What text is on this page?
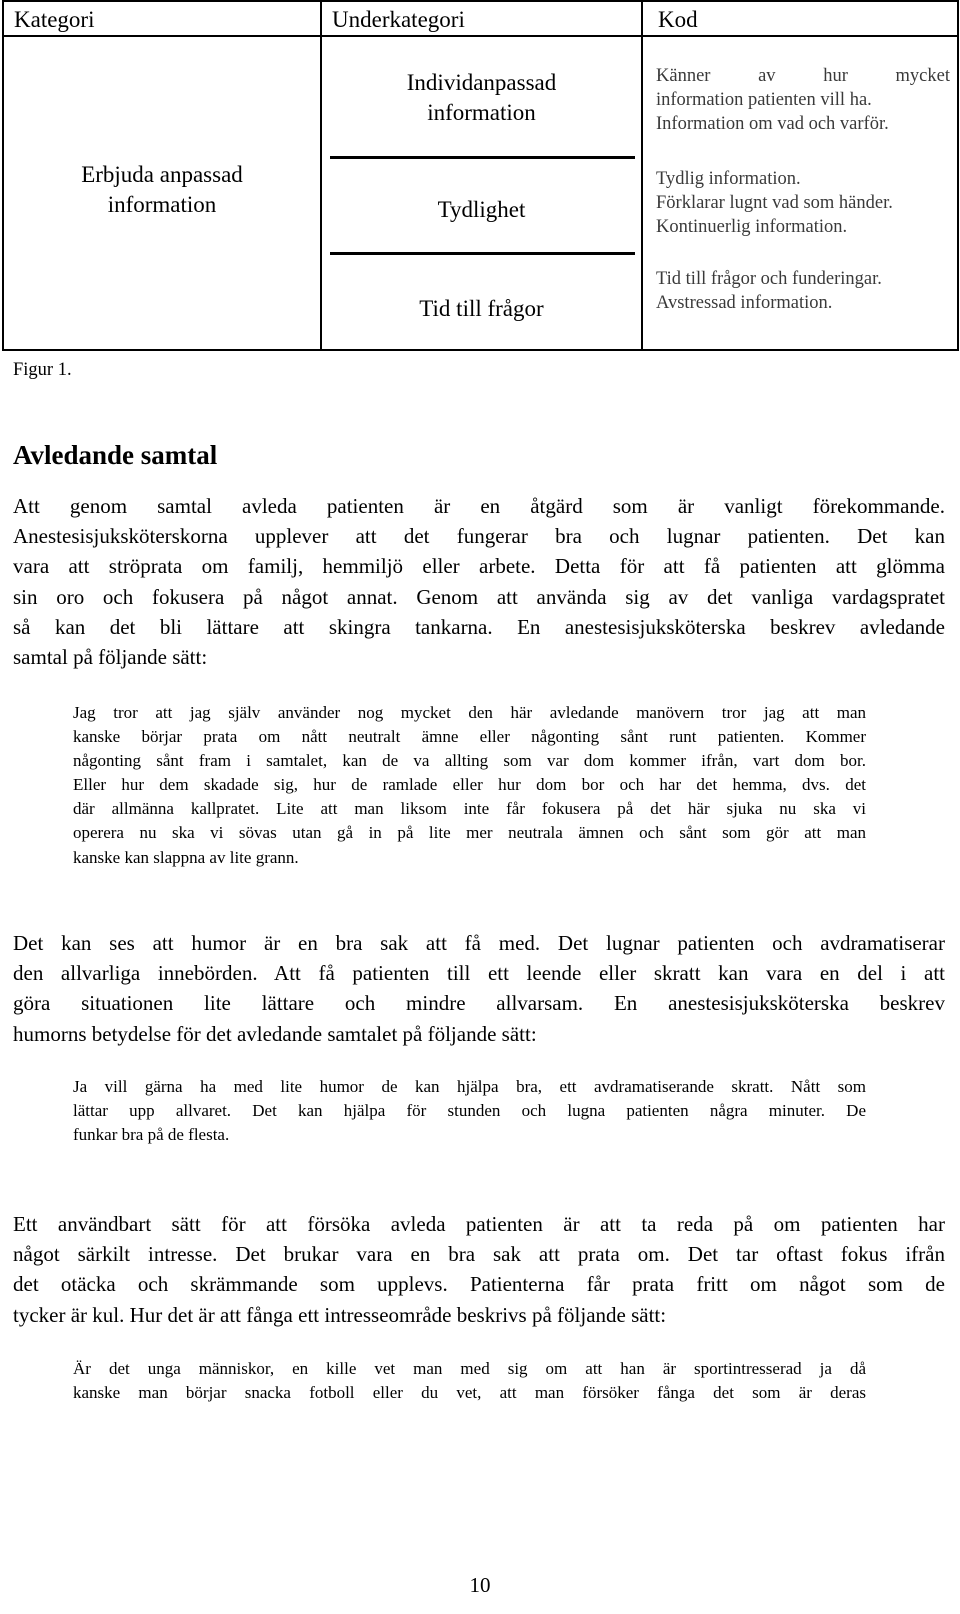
Kategori	Underkategori	Kod
Erbjuda anpassad
information
Individanpassad
information
Tydlighet
Tid till frågor
Känner av hur mycket
information patienten vill ha.
Information om vad och varför.
Tydlig information.
Förklarar lugnt vad som händer.
Kontinuerlig information.
Tid till frågor och funderingar.
Avstressad information.
Figur 1.
Avledande samtal
Att genom samtal avleda patienten är en åtgärd som är vanligt förekommande.
Anestesisjuksköterskorna upplever att det fungerar bra och lugnar patienten. Det kan
vara att ströprata om familj, hemmiljö eller arbete. Detta för att få patienten att glömma
sin oro och fokusera på något annat. Genom att använda sig av det vanliga vardagspratet
så kan det bli lättare att skingra tankarna. En anestesisjuksköterska beskrev avledande
samtal på följande sätt:
Jag tror att jag själv använder nog mycket den här avledande manövern tror jag att man
kanske börjar prata om nått neutralt ämne eller någonting sånt runt patienten. Kommer
någonting sånt fram i samtalet, kan de va allting som var dom kommer ifrån, vart dom bor.
Eller hur dem skadade sig, hur de ramlade eller hur dom bor och har det hemma, dvs. det
där allmänna kallpratet. Lite att man liksom inte får fokusera på det här sjuka nu ska vi
operera nu ska vi sövas utan gå in på lite mer neutrala ämnen och sånt som gör att man
kanske kan slappna av lite grann.
Det kan ses att humor är en bra sak att få med. Det lugnar patienten och avdramatiserar
den allvarliga innebörden. Att få patienten till ett leende eller skratt kan vara en del i att
göra situationen lite lättare och mindre allvarsam. En anestesisjuksköterska beskrev
humorns betydelse för det avledande samtalet på följande sätt:
Ja vill gärna ha med lite humor de kan hjälpa bra, ett avdramatiserande skratt. Nått som
lättar upp allvaret. Det kan hjälpa för stunden och lugna patienten några minuter. De
funkar bra på de flesta.
Ett användbart sätt för att försöka avleda patienten är att ta reda på om patienten har
något särkilt intresse. Det brukar vara en bra sak att prata om. Det tar oftast fokus ifrån
det otäcka och skrämmande som upplevs. Patienterna får prata fritt om något som de
tycker är kul. Hur det är att fånga ett intresseområde beskrivs på följande sätt:
Är det unga människor, en kille vet man med sig om att han är sportintresserad ja då
kanske man börjar snacka fotboll eller du vet, att man försöker fånga det som är deras
10
